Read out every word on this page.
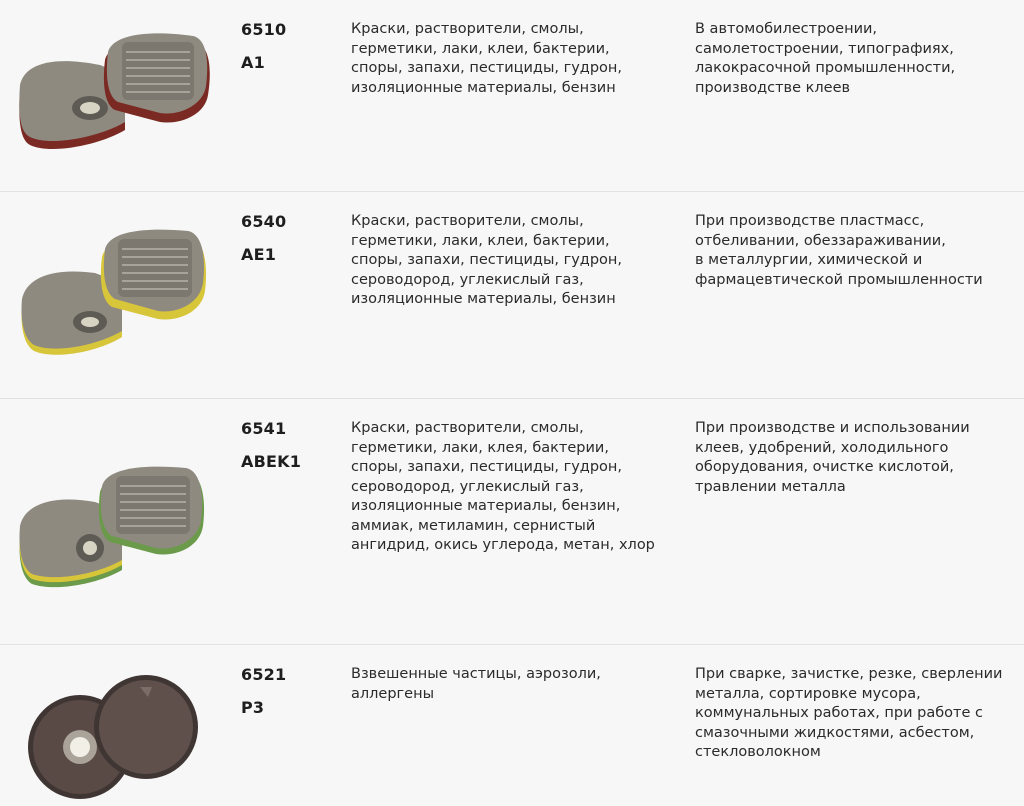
6510
A1
Краски, растворители, смолы,
герметики, лаки, клеи, бактерии,
споры, запахи, пестициды, гудрон,
изоляционные материалы, бензин
В автомобилестроении,
самолетостроении, типографиях,
лакокрасочной промышленности,
производстве клеев
6540
AE1
Краски, растворители, смолы,
герметики, лаки, клеи, бактерии,
споры, запахи, пестициды, гудрон,
сероводород, углекислый газ,
изоляционные материалы, бензин
При производстве пластмасс,
отбеливании, обеззараживании,
в металлургии, химической и
фармацевтической промышленности
6541
ABEK1
Краски, растворители, смолы,
герметики, лаки, клея, бактерии,
споры, запахи, пестициды, гудрон,
сероводород, углекислый газ,
изоляционные материалы, бензин,
аммиак, метиламин, сернистый
ангидрид, окись углерода, метан, хлор
При производстве и использовании
клеев, удобрений, холодильного
оборудования, очистке кислотой,
травлении металла
6521
P3
Взвешенные частицы, аэрозоли,
аллергены
При сварке, зачистке, резке, сверлении
металла, сортировке мусора,
коммунальных работах, при работе с
смазочными жидкостями, асбестом,
стекловолокном
